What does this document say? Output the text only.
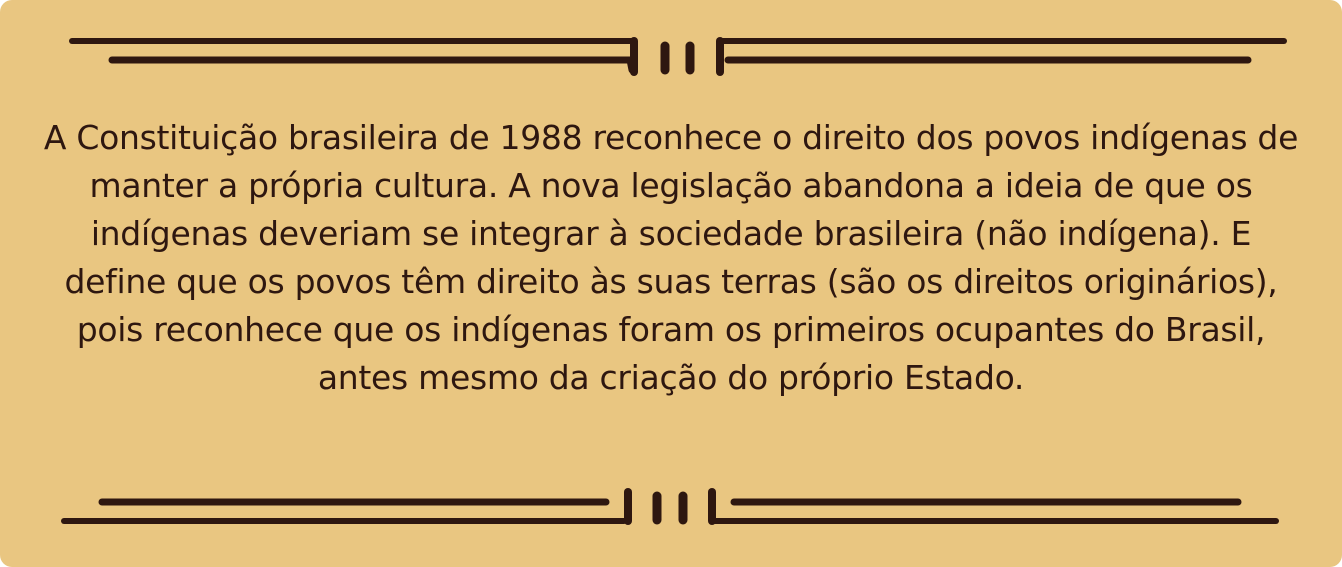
A Constituição brasileira de 1988 reconhece o direito dos povos indígenas de manter a própria cultura. A nova legislação abandona a ideia de que os indígenas deveriam se integrar à sociedade brasileira (não indígena). E define que os povos têm direito às suas terras (são os direitos originários), pois reconhece que os indígenas foram os primeiros ocupantes do Brasil, antes mesmo da criação do próprio Estado.
